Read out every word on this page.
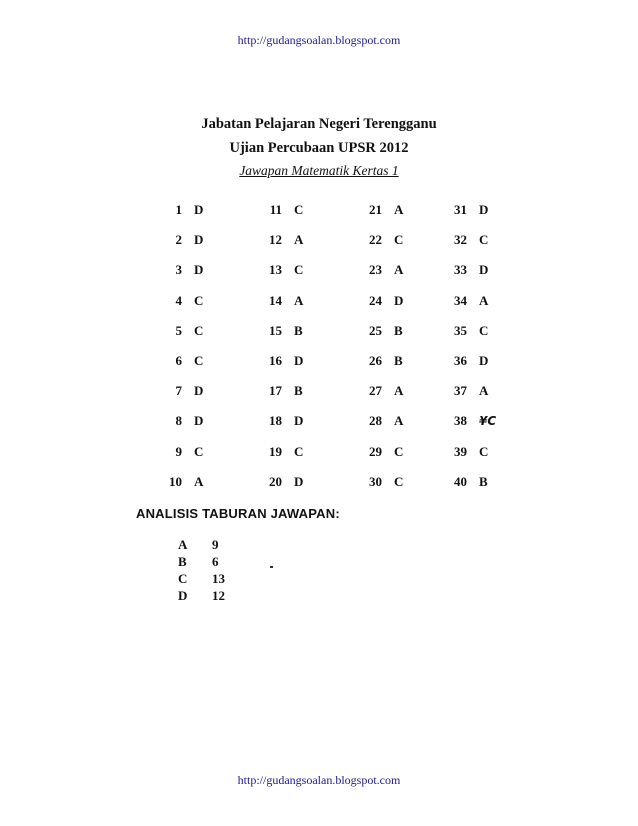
http://gudangsoalan.blogspot.com
Jabatan Pelajaran Negeri Terengganu
Ujian Percubaan UPSR 2012
Jawapan Matematik Kertas 1
1 D
2 D
3 D
4 C
5 C
6 C
7 D
8 D
9 C
10 A
11 C
12 A
13 C
14 A
15 B
16 D
17 B
18 D
19 C
20 D
21 A
22 C
23 A
24 D
25 B
26 B
27 A
28 A
29 C
30 C
31 D
32 C
33 D
34 A
35 C
36 D
37 A
38 ¥C
39 C
40 B
ANALISIS TABURAN JAWAPAN:
A 9
B 6
C 13
D 12
http://gudangsoalan.blogspot.com
